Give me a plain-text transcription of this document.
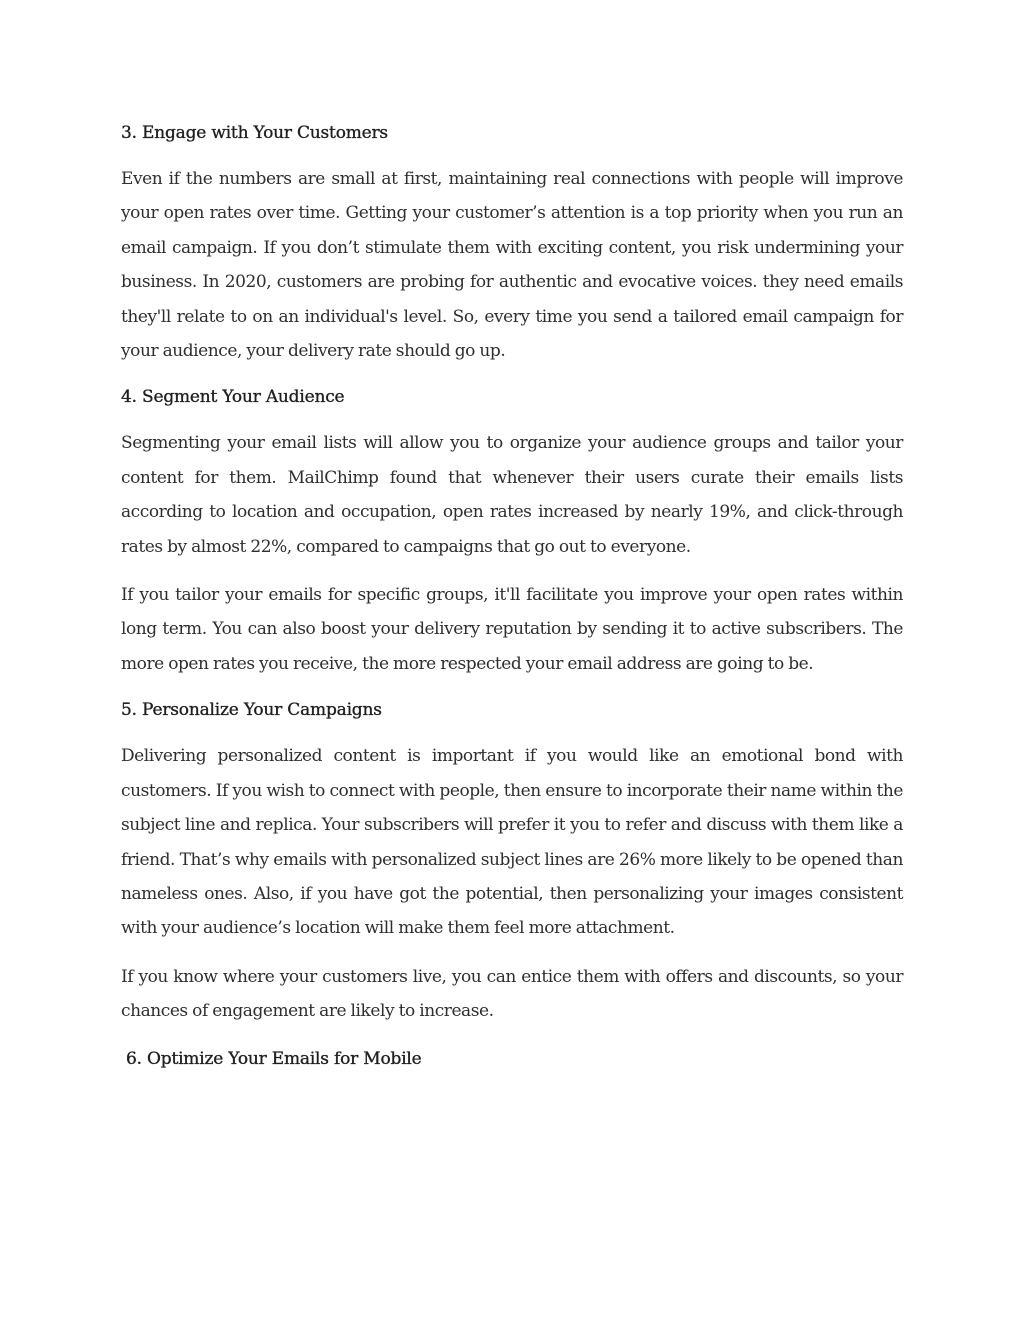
3. Engage with Your Customers

Even if the numbers are small at first, maintaining real connections with people will improve your open rates over time. Getting your customer’s attention is a top priority when you run an email campaign. If you don’t stimulate them with exciting content, you risk undermining your business. In 2020, customers are probing for authentic and evocative voices. they need emails they'll relate to on an individual's level. So, every time you send a tailored email campaign for your audience, your delivery rate should go up.

4. Segment Your Audience

Segmenting your email lists will allow you to organize your audience groups and tailor your content for them. MailChimp found that whenever their users curate their emails lists according to location and occupation, open rates increased by nearly 19%, and click-through rates by almost 22%, compared to campaigns that go out to everyone.

If you tailor your emails for specific groups, it'll facilitate you improve your open rates within long term. You can also boost your delivery reputation by sending it to active subscribers. The more open rates you receive, the more respected your email address are going to be.

5. Personalize Your Campaigns

Delivering personalized content is important if you would like an emotional bond with customers. If you wish to connect with people, then ensure to incorporate their name within the subject line and replica. Your subscribers will prefer it you to refer and discuss with them like a friend. That’s why emails with personalized subject lines are 26% more likely to be opened than nameless ones. Also, if you have got the potential, then personalizing your images consistent with your audience’s location will make them feel more attachment.

If you know where your customers live, you can entice them with offers and discounts, so your chances of engagement are likely to increase.

6. Optimize Your Emails for Mobile
